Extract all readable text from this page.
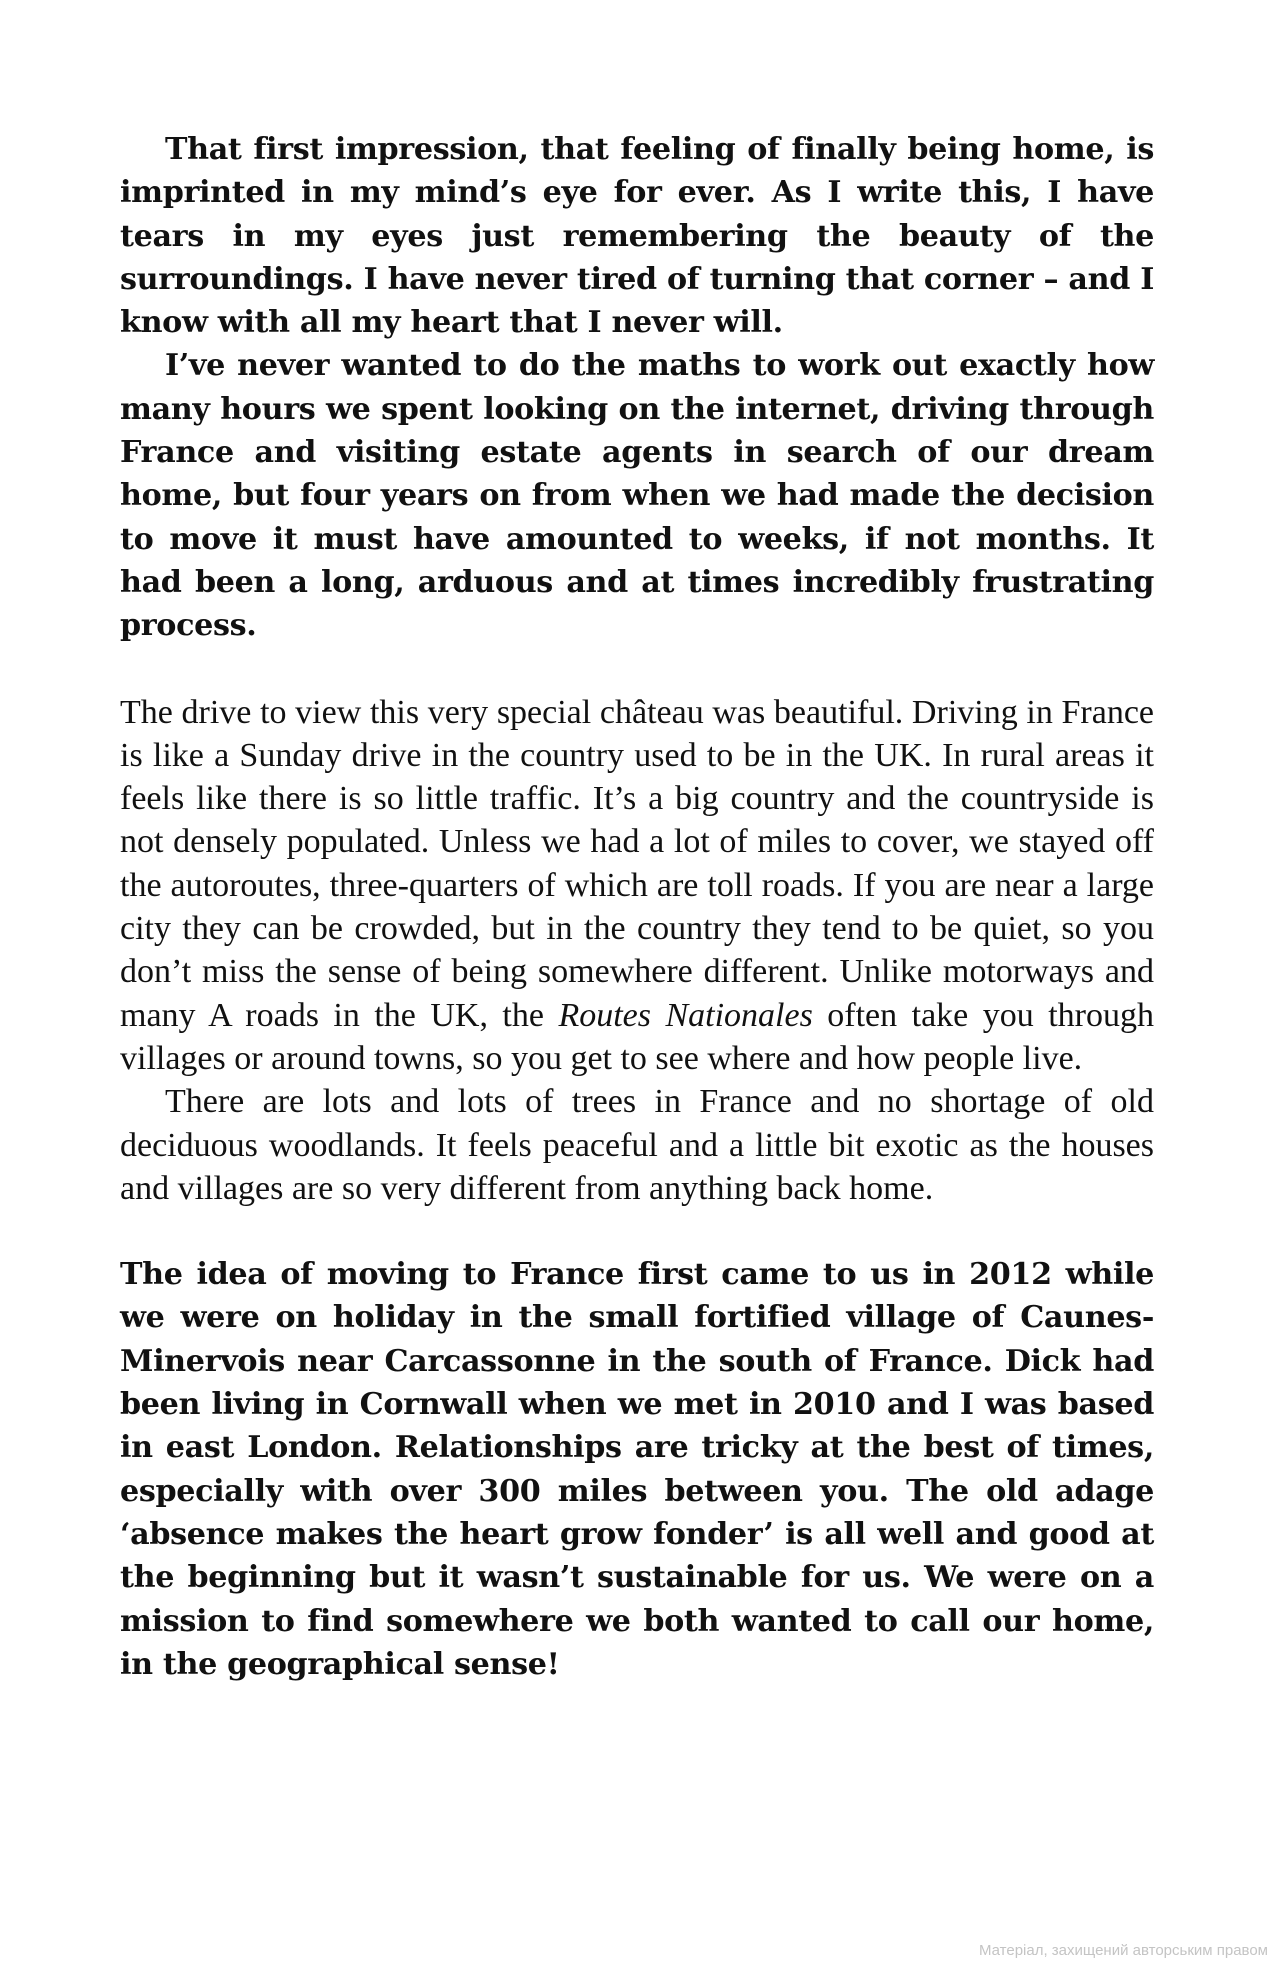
That first impression, that feeling of finally being home, is imprinted in my mind’s eye for ever. As I write this, I have tears in my eyes just remembering the beauty of the surroundings. I have never tired of turning that corner – and I know with all my heart that I never will.

I’ve never wanted to do the maths to work out exactly how many hours we spent looking on the internet, driving through France and visiting estate agents in search of our dream home, but four years on from when we had made the decision to move it must have amounted to weeks, if not months. It had been a long, arduous and at times incredibly frustrating process.

The drive to view this very special château was beautiful. Driving in France is like a Sunday drive in the country used to be in the UK. In rural areas it feels like there is so little traffic. It’s a big country and the countryside is not densely populated. Unless we had a lot of miles to cover, we stayed off the autoroutes, three-quarters of which are toll roads. If you are near a large city they can be crowded, but in the country they tend to be quiet, so you don’t miss the sense of being somewhere different. Unlike motorways and many A roads in the UK, the Routes Nationales often take you through villages or around towns, so you get to see where and how people live.

There are lots and lots of trees in France and no shortage of old deciduous woodlands. It feels peaceful and a little bit exotic as the houses and villages are so very different from anything back home.

The idea of moving to France first came to us in 2012 while we were on holiday in the small fortified village of Caunes-Minervois near Carcassonne in the south of France. Dick had been living in Cornwall when we met in 2010 and I was based in east London. Relationships are tricky at the best of times, especially with over 300 miles between you. The old adage ‘absence makes the heart grow fonder’ is all well and good at the beginning but it wasn’t sustainable for us. We were on a mission to find somewhere we both wanted to call our home, in the geographical sense!

Матеріал, захищений авторським правом
